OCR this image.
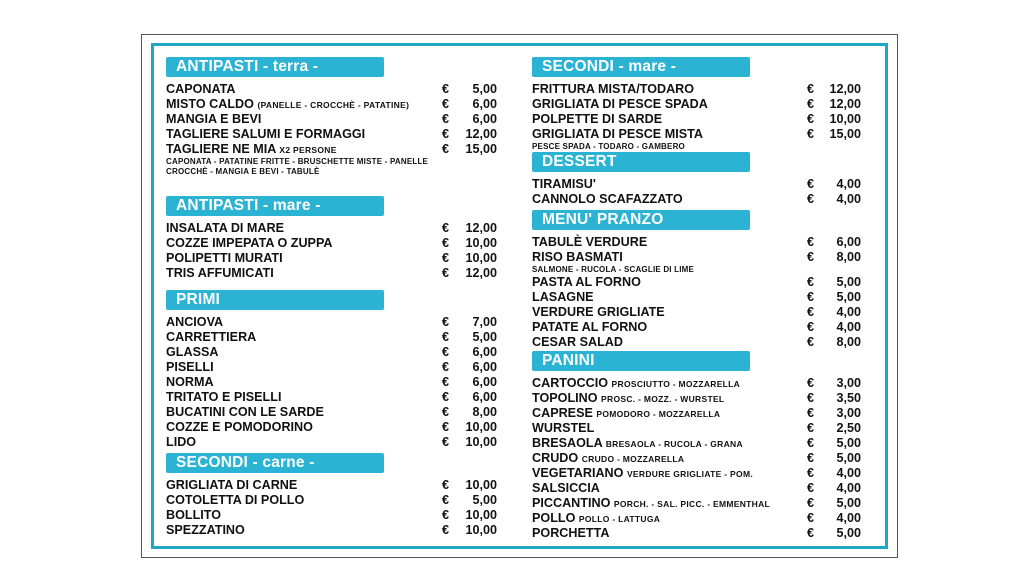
ANTIPASTI - terra -
CAPONATA	€	5,00
MISTO CALDO (PANELLE - CROCCHÈ - PATATINE)	€	6,00
MANGIA E BEVI	€	6,00
TAGLIERE SALUMI E FORMAGGI	€	12,00
TAGLIERE NE MIA X2 PERSONE	€	15,00
CAPONATA - PATATINE FRITTE - BRUSCHETTE MISTE - PANELLE
CROCCHÈ - MANGIA E BEVI - TABULÈ
ANTIPASTI - mare -
INSALATA DI MARE	€	12,00
COZZE IMPEPATA O ZUPPA	€	10,00
POLIPETTI MURATI	€	10,00
TRIS AFFUMICATI	€	12,00
PRIMI
ANCIOVA	€	7,00
CARRETTIERA	€	5,00
GLASSA	€	6,00
PISELLI	€	6,00
NORMA	€	6,00
TRITATO E PISELLI	€	6,00
BUCATINI CON LE SARDE	€	8,00
COZZE E POMODORINO	€	10,00
LIDO	€	10,00
SECONDI - carne -
GRIGLIATA DI CARNE	€	10,00
COTOLETTA DI POLLO	€	5,00
BOLLITO	€	10,00
SPEZZATINO	€	10,00
SECONDI - mare -
FRITTURA MISTA/TODARO	€	12,00
GRIGLIATA DI PESCE SPADA	€	12,00
POLPETTE DI SARDE	€	10,00
GRIGLIATA DI PESCE MISTA	€	15,00
PESCE SPADA - TODARO - GAMBERO
DESSERT
TIRAMISU'	€	4,00
CANNOLO SCAFAZZATO	€	4,00
MENU' PRANZO
TABULÈ VERDURE	€	6,00
RISO BASMATI	€	8,00
SALMONE - RUCOLA - SCAGLIE DI LIME
PASTA AL FORNO	€	5,00
LASAGNE	€	5,00
VERDURE GRIGLIATE	€	4,00
PATATE AL FORNO	€	4,00
CESAR SALAD	€	8,00
PANINI
CARTOCCIO PROSCIUTTO - MOZZARELLA	€	3,00
TOPOLINO PROSC. - MOZZ. - WURSTEL	€	3,50
CAPRESE POMODORO - MOZZARELLA	€	3,00
WURSTEL	€	2,50
BRESAOLA BRESAOLA - RUCOLA - GRANA	€	5,00
CRUDO CRUDO - MOZZARELLA	€	5,00
VEGETARIANO VERDURE GRIGLIATE - POM.	€	4,00
SALSICCIA	€	4,00
PICCANTINO PORCH. - SAL. PICC. - EMMENTHAL	€	5,00
POLLO POLLO - LATTUGA	€	4,00
PORCHETTA	€	5,00
